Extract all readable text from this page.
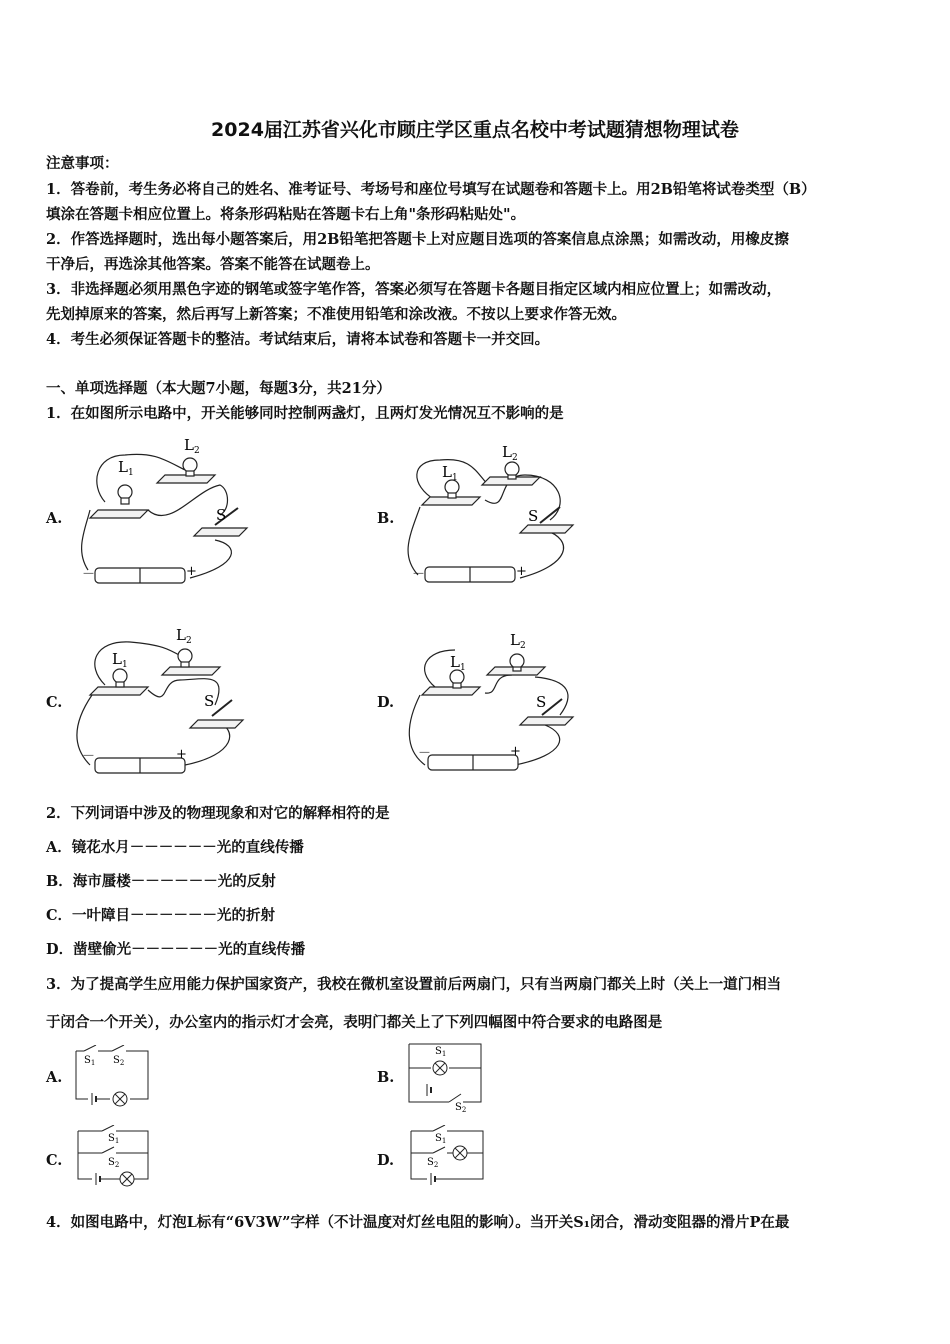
2024届江苏省兴化市顾庄学区重点名校中考试题猜想物理试卷
注意事项：
1．答卷前，考生务必将自己的姓名、准考证号、考场号和座位号填写在试题卷和答题卡上。用2B铅笔将试卷类型（B）
填涂在答题卡相应位置上。将条形码粘贴在答题卡右上角"条形码粘贴处"。
2．作答选择题时，选出每小题答案后，用2B铅笔把答题卡上对应题目选项的答案信息点涂黑；如需改动，用橡皮擦
干净后，再选涂其他答案。答案不能答在试题卷上。
3．非选择题必须用黑色字迹的钢笔或签字笔作答，答案必须写在答题卡各题目指定区域内相应位置上；如需改动，
先划掉原来的答案，然后再写上新答案；不准使用铅笔和涂改液。不按以上要求作答无效。
4．考生必须保证答题卡的整洁。考试结束后，请将本试卷和答题卡一并交回。
一、单项选择题（本大题7小题，每题3分，共21分）
1．在如图所示电路中，开关能够同时控制两盏灯，且两灯发光情况互不影响的是
A.	B.
C.	D.
$L_1$
$L_2$
S
－	+
$L_1$
$L_2$
S
－	+
$L_1$
$L_2$
S
－	+
$L_1$
$L_2$
S
－	+
2．下列词语中涉及的物理现象和对它的解释相符的是
A．镜花水月－－－－－－光的直线传播
B．海市蜃楼－－－－－－光的反射
C．一叶障目－－－－－－光的折射
D．凿壁偷光－－－－－－光的直线传播
3．为了提高学生应用能力保护国家资产，我校在微机室设置前后两扇门，只有当两扇门都关上时（关上一道门相当
于闭合一个开关），办公室内的指示灯才会亮，表明门都关上了下列四幅图中符合要求的电路图是
A.	B.
C.	D.
$S_1$ $S_2$
$S_1$
$S_2$
$S_1$
$S_2$
$S_1$
$S_2$
4．如图电路中，灯泡L标有“6V3W”字样（不计温度对灯丝电阻的影响）。当开关S₁闭合，滑动变阻器的滑片P在最
